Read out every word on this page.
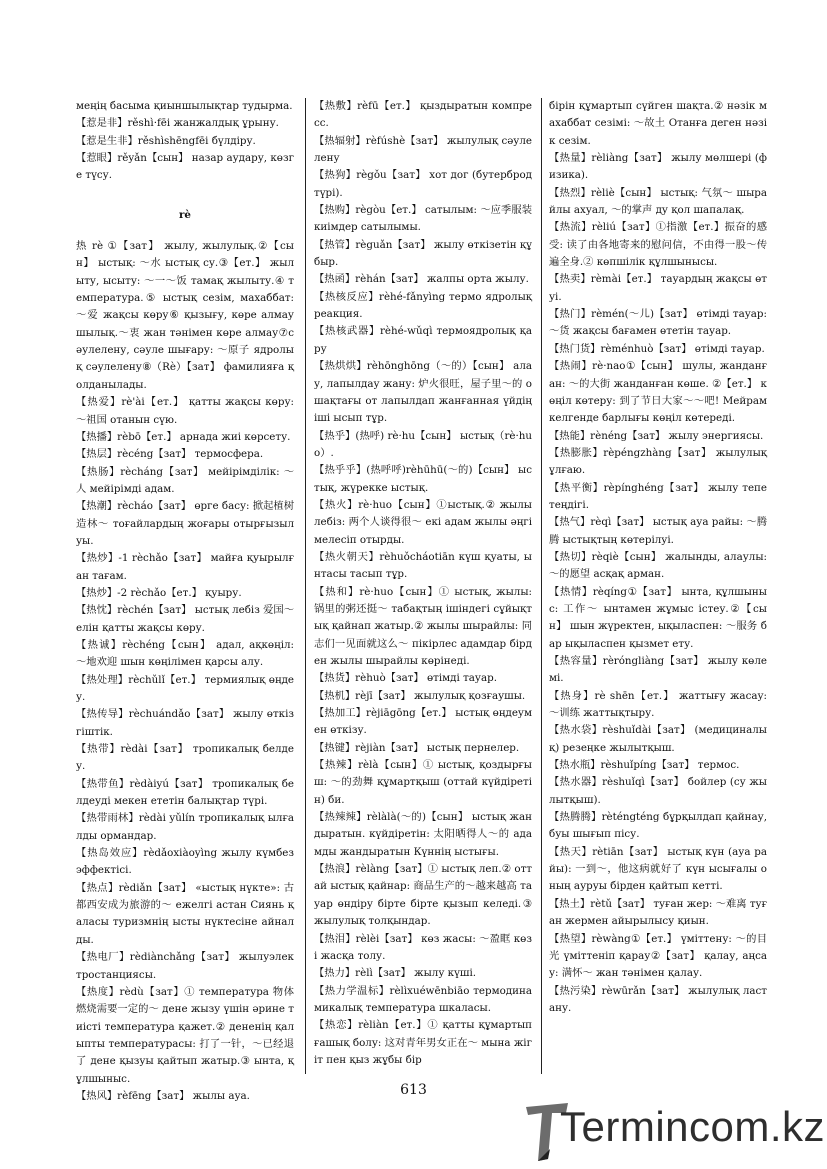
меңің басыма қиыншылықтар тудырма.
【惹是非】rěshì·fēi жанжалдық ұрыну.
【惹是生非】rěshìshēngfēi бүлдіру.
【惹眼】rěyǎn【сын】 назар аудару, көзге түсу.
rè
热 rè ①【зат】 жылу, жылулық.②【сын】 ыстық: ～水 ыстық су.③【ет.】 жылыту, ысыту: ～一～饭 тамақ жылыту.④ температура.⑤ ыстық сезім, махаббат: ～爱 жақсы көру⑥ қызығу, көре алмаушылық.～衷 жан тәнімен көре алмау⑦сәулелену, сәуле шығару: ～原子 ядролық сәулелену⑧（Rè）【зат】 фамилияға қолданылады.
【热爱】rè'ài【ет.】 қатты жақсы көру: ～祖国 отанын сүю.
【热播】rèbō【ет.】 арнада жиі көрсету.
【热层】rècéng【зат】 термосфера.
【热肠】rècháng【зат】 мейірімділік: ～人 мейірімді адам.
【热潮】rècháo【зат】 өрге басу: 掀起植树造林～ тоғайлардың жоғары отырғызылуы.
【热炒】-1 rèchǎo【зат】 майға қуырылған тағам.
【热炒】-2 rèchǎo【ет.】 қуыру.
【热忱】rèchén【зат】 ыстық лебіз 爱国～ елін қатты жақсы көру.
【热诚】rèchéng【сын】 адал, ақкөңіл: ～地欢迎 шын көңілімен қарсы алу.
【热处理】rèchǔlǐ【ет.】 термиялық өңдеу.
【热传导】rèchuándǎo【зат】 жылу өткізгіштік.
【热带】rèdài【зат】 тропикалық белдеу.
【热带鱼】rèdàiyú【зат】 тропикалық белдеуді мекен ететін балықтар түрі.
【热带雨林】rèdài yǔlín тропикалық ылғалды ормандар.
【热岛效应】rèdǎoxiàoyìng жылу күмбез эффектісі.
【热点】rèdiǎn【зат】 «ыстық нүкте»: 古都西安成为旅游的～ ежелгі астан Сиянь қаласы туризмнің ысты нүктесіне айналды.
【热电厂】rèdiànchǎng【зат】 жылуэлектростанциясы.
【热度】rèdù【зат】① температура 物体燃烧需要一定的～ дене жызу үшін әрине тиісті температура қажет.② дененің қалыпты температурасы: 打了一针，～已经退了 дене қызуы қайтып жатыр.③ ынта, құлшыныс.
【热风】rèfēng【зат】 жылы ауа.
【热敷】rèfū【ет.】 қыздыратын компресс.
【热辐射】rèfúshè【зат】 жылулық сәулелену
【热狗】règǒu【зат】 хот дог (бутерброд түрі).
【热购】règòu【ет.】 сатылым: ～应季服装 киімдер сатылымы.
【热管】règuǎn【зат】 жылу өткізетін құбыр.
【热函】rèhán【зат】 жалпы орта жылу.
【热核反应】rèhé-fǎnyìng термо ядролық реакция.
【热核武器】rèhé-wǔqì термоядролық қару
【热烘烘】rèhōnghōng（～的）【сын】 алау, лапылдау жану: 炉火很旺，屋子里～的 ошақтағы от лапылдап жанғанная үйдің іші ысып тұр.
【热乎】(热呼) rè·hu【сын】 ыстық（rè·huo）.
【热乎乎】(热呼呼)rèhūhū(～的)【сын】 ыстық, жүрекке ыстық.
【热火】rè·huo【сын】①ыстық.② жылы лебіз: 两个人谈得很～ екі адам жылы әңгімелесіп отырды.
【热火朝天】rèhuǒcháotiān күш қуаты, ынтасы тасып тұр.
【热和】rè·huo【сын】① ыстық, жылы: 锅里的粥还挺～ табақтың ішіндегі сұйықтық қайнап жатыр.② жылы шырайлы: 同志们一见面就这么～ пікірлес адамдар бірден жылы шырайлы көрінеді.
【热货】rèhuò【зат】 өтімді тауар.
【热机】rèjī【зат】 жылулық қозғаушы.
【热加工】rèjiāgōng【ет.】 ыстық өңдеумен өткізу.
【热键】rèjiàn【зат】 ыстық пернелер.
【热辣】rèlà【сын】① ыстық, қоздырғыш: ～的劲舞 құмартқыш (оттай күйдіретін) би.
【热辣辣】rèlàlà(～的)【сын】 ыстық жандыратын. күйдіретін: 太阳晒得人～的 адамды жандыратын Күннің ыстығы.
【热浪】rèlàng【зат】① ыстық леп.② оттай ыстық қайнар: 商品生产的～越来越高 тауар өндіру бірте бірте қызып келеді.③ жылулық толқындар.
【热泪】rèlèi【зат】 көз жасы: ～盈眶 көзі жасқа толу.
【热力】rèlì【зат】 жылу күші.
【热力学温标】rèlìxuéwēnbiāo термодинамикалық температура шкаласы.
【热恋】rèliàn【ет.】① қатты құмартып ғашық болу: 这对青年男女正在～ мына жігіт пен қыз жұбы бір
бірін құмартып сүйген шақта.② нәзік махаббат сезімі: ～故土 Отанға деген нәзік сезім.
【热量】rèliàng【зат】 жылу мөлшері (физика).
【热烈】rèliè【сын】 ыстық: 气氛～ шырайлы ахуал, ～的掌声 ду қол шапалақ.
【热流】rèliú【зат】①指激【ет.】振奋的感受: 读了由各地寄来的慰问信，不由得一股～传遍全身.② көпшілік құлшынысы.
【热卖】rèmài【ет.】 тауардың жақсы өтуі.
【热门】rèmén(～儿)【зат】 өтімді тауар: ～货 жақсы бағамен өтетін тауар.
【热门货】rèménhuò【зат】 өтімді тауар.
【热闹】rè·nao①【сын】 шулы, жанданған: ～的大街 жанданған көше. ②【ет.】 көңіл көтеру: 到了节日大家～～吧! Мейрам келгенде барлығы көңіл көтереді.
【热能】rènéng【зат】 жылу энергиясы.
【热膨胀】rèpéngzhàng【зат】 жылулық ұлғаю.
【热平衡】rèpínghéng【зат】 жылу тепе теңдігі.
【热气】rèqì【зат】 ыстық ауа райы: ～腾腾 ыстықтың көтерілуі.
【热切】rèqiè【сын】 жалынды, алаулы: ～的愿望 асқақ арман.
【热情】rèqíng①【зат】 ынта, құлшыныс: 工作～ ынтамен жұмыс істеу.②【сын】 шын жүректен, ықыласпен: ～服务 бар ықыласпен қызмет ету.
【热容量】rèróngliàng【зат】 жылу көлемі.
【热身】rè shēn【ет.】 жаттығу жасау: ～训练 жаттықтыру.
【热水袋】rèshuǐdài【зат】 (медициналық) резеңке жылытқыш.
【热水瓶】rèshuǐpíng【зат】 термос.
【热水器】rèshuǐqì【зат】 бойлер (су жылытқыш).
【热腾腾】rèténgténg бұрқылдап қайнау, буы шығып пісу.
【热天】rètiān【зат】 ыстық күн (ауа райы): 一到～，他这病就好了 күн ысығалы оның ауруы бірден қайтып кетті.
【热土】rètǔ【зат】 туған жер: ～难离 туған жермен айырылысу қиын.
【热望】rèwàng①【ет.】 үміттену: ～的目光 үміттеніп қарау②【зат】 қалау, аңсау: 满怀～ жан тәнімен қалау.
【热污染】rèwūrǎn【зат】 жылулық ластану.
613
Termincom.kz
